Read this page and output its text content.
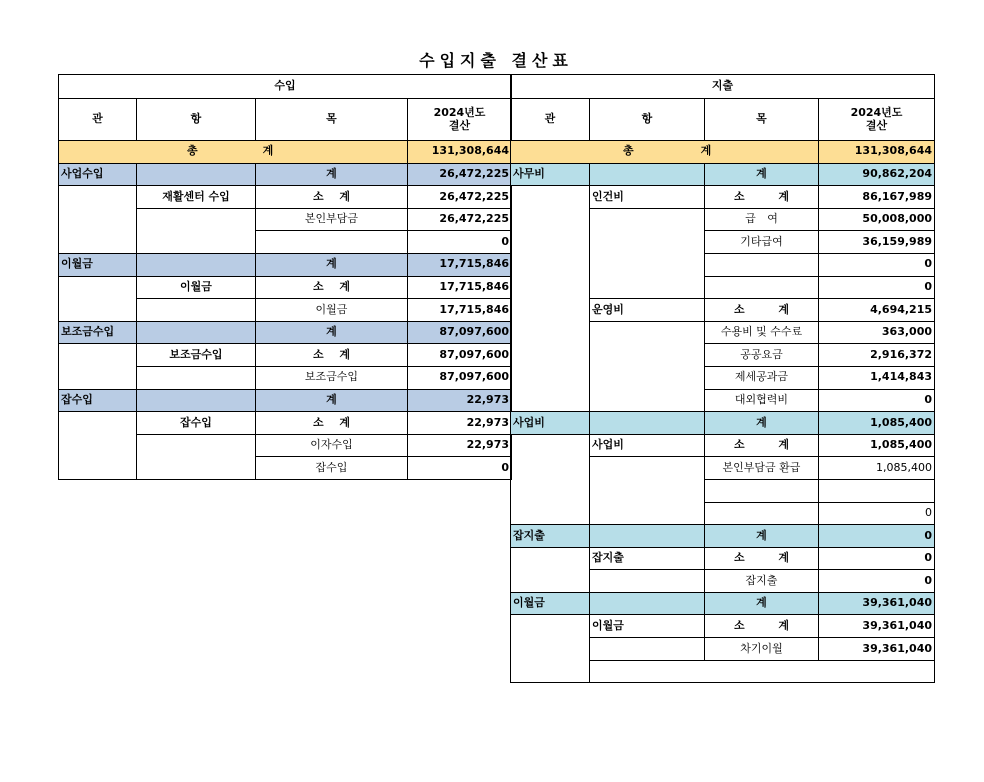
수입지출 결산표
수입			
관	항	목	2024년도
결산
총 계			131,308,644
사업수입		계	26,472,225
	재활센터 수입	소 계	26,472,225
		본인부담금	26,472,225
			0
이월금		계	17,715,846
	이월금	소 계	17,715,846
		이월금	17,715,846
보조금수입		계	87,097,600
	보조금수입	소 계	87,097,600
		보조금수입	87,097,600
잡수입		계	22,973
	잡수입	소 계	22,973
		이자수입	22,973
		잡수입	0
지출			
관	항	목	2024년도
결산
총 계			131,308,644
사무비		계	90,862,204
	인건비	소 계	86,167,989
		급 여	50,008,000
		기타급여	36,159,989
			0
			0
	운영비	소 계	4,694,215
		수용비 및 수수료	363,000
		공공요금	2,916,372
		제세공과금	1,414,843
		대외협력비	0
사업비		계	1,085,400
	사업비	소 계	1,085,400
		본인부담금 환급	1,085,400

			0
잡지출		계	0
	잡지출	소 계	0
		잡지출	0
이월금		계	39,361,040
	이월금	소 계	39,361,040
		차기이월	39,361,040
